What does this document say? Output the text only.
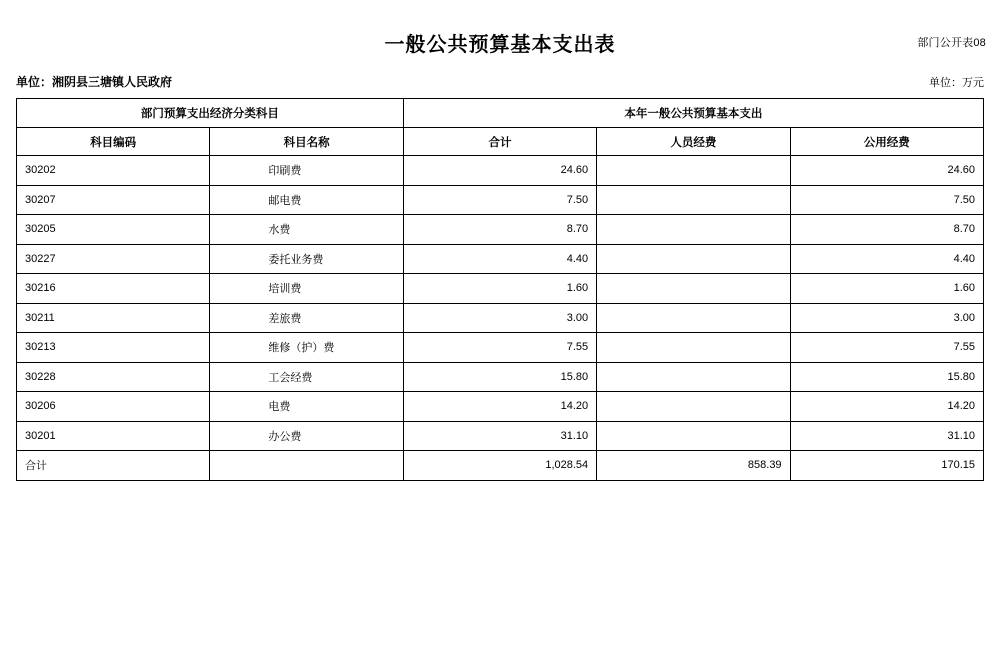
部门公开表08
一般公共预算基本支出表
单位：湘阴县三塘镇人民政府	单位：万元
部门预算支出经济分类科目		本年一般公共预算基本支出		
科目编码	科目名称	合计	人员经费	公用经费
30202	印刷费	24.60		24.60
30207	邮电费	7.50		7.50
30205	水费	8.70		8.70
30227	委托业务费	4.40		4.40
30216	培训费	1.60		1.60
30211	差旅费	3.00		3.00
30213	维修（护）费	7.55		7.55
30228	工会经费	15.80		15.80
30206	电费	14.20		14.20
30201	办公费	31.10		31.10
合计		1,028.54	858.39	170.15
